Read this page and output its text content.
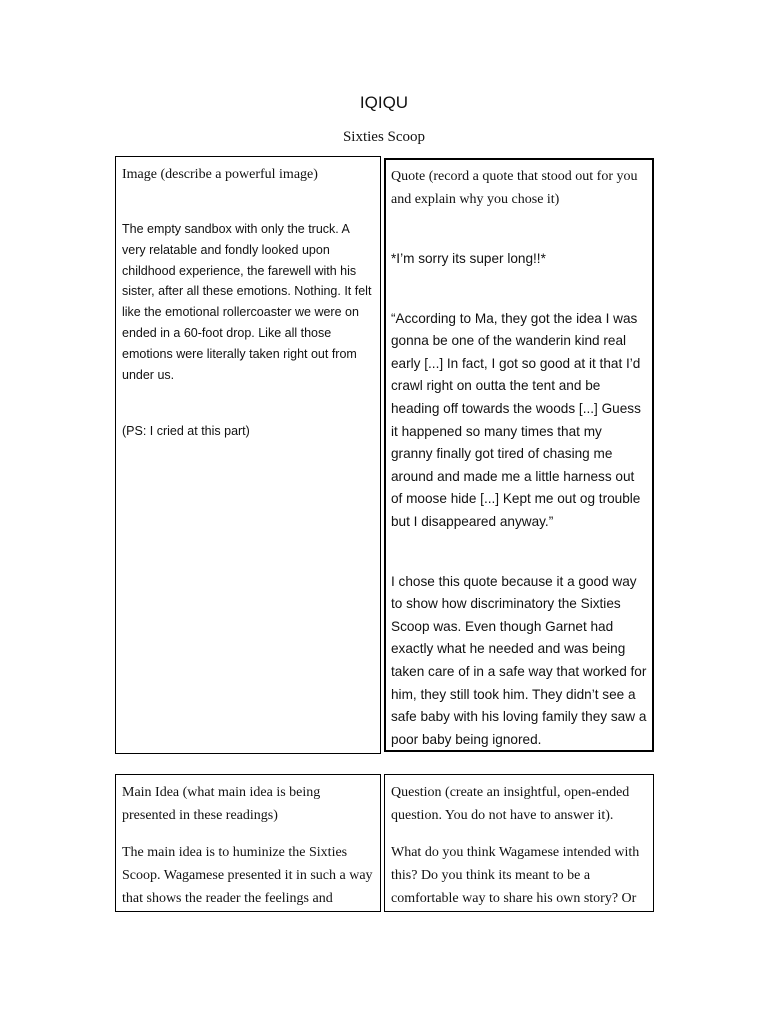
IQIQU
Sixties Scoop

Image (describe a powerful image)

The empty sandbox with only the truck. A very relatable and fondly looked upon childhood experience, the farewell with his sister, after all these emotions. Nothing. It felt like the emotional rollercoaster we were on ended in a 60-foot drop. Like all those emotions were literally taken right out from under us.

(PS: I cried at this part)

Quote (record a quote that stood out for you and explain why you chose it)

*I’m sorry its super long!!*

“According to Ma, they got the idea I was gonna be one of the wanderin kind real early [...] In fact, I got so good at it that I’d crawl right on outta the tent and be heading off towards the woods [...] Guess it happened so many times that my granny finally got tired of chasing me around and made me a little harness out of moose hide [...] Kept me out og trouble but I disappeared anyway.”

I chose this quote because it a good way to show how discriminatory the Sixties Scoop was. Even though Garnet had exactly what he needed and was being taken care of in a safe way that worked for him, they still took him. They didn’t see a safe baby with his loving family they saw a poor baby being ignored.

Main Idea (what main idea is being presented in these readings)

The main idea is to huminize the Sixties Scoop. Wagamese presented it in such a way that shows the reader the feelings and

Question (create an insightful, open-ended question. You do not have to answer it).

What do you think Wagamese intended with this? Do you think its meant to be a comfortable way to share his own story? Or
